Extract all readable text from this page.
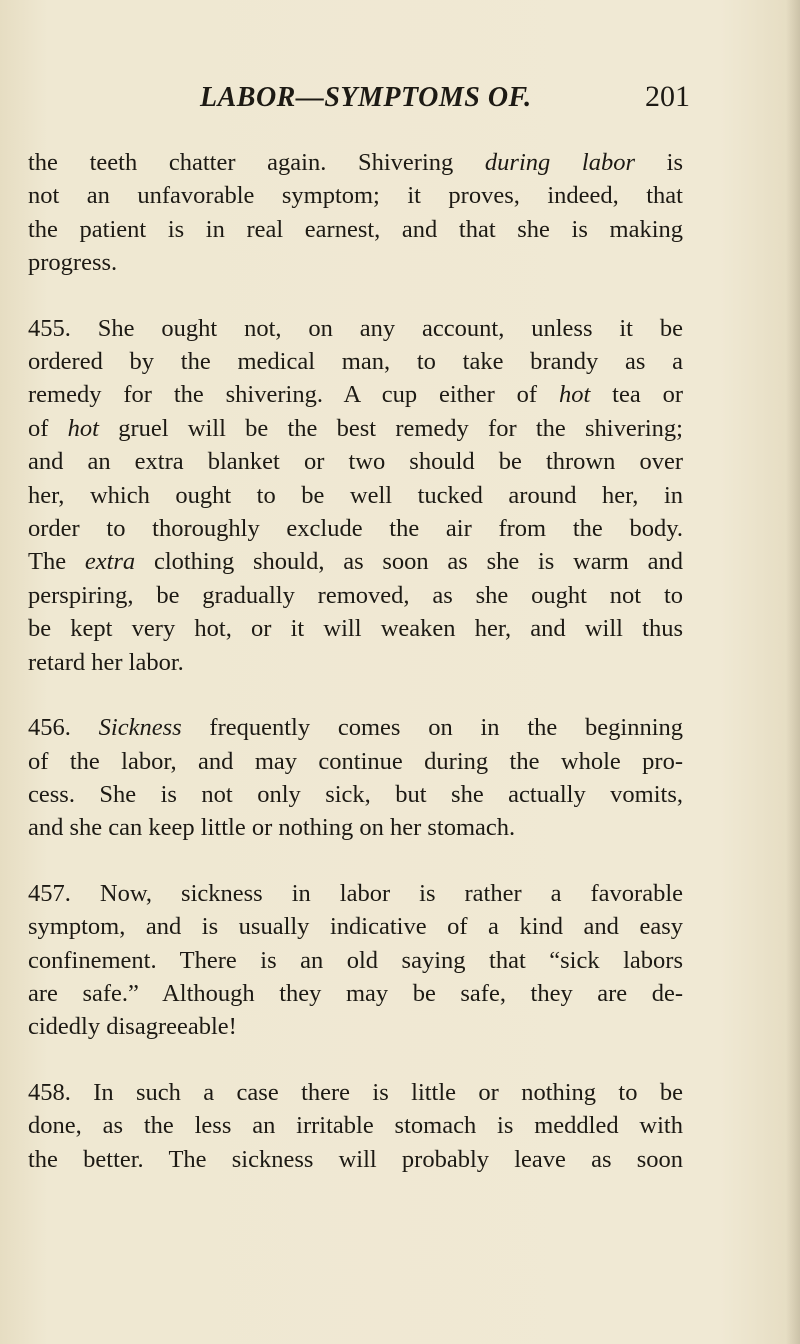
LABOR—SYMPTOMS OF.	201
the teeth chatter again. Shivering during labor is
not an unfavorable symptom; it proves, indeed, that
the patient is in real earnest, and that she is making
progress.
455. She ought not, on any account, unless it be
ordered by the medical man, to take brandy as a
remedy for the shivering. A cup either of hot tea or
of hot gruel will be the best remedy for the shivering;
and an extra blanket or two should be thrown over
her, which ought to be well tucked around her, in
order to thoroughly exclude the air from the body.
The extra clothing should, as soon as she is warm and
perspiring, be gradually removed, as she ought not to
be kept very hot, or it will weaken her, and will thus
retard her labor.
456. Sickness frequently comes on in the beginning
of the labor, and may continue during the whole pro-
cess. She is not only sick, but she actually vomits,
and she can keep little or nothing on her stomach.
457. Now, sickness in labor is rather a favorable
symptom, and is usually indicative of a kind and easy
confinement. There is an old saying that “sick labors
are safe.” Although they may be safe, they are de-
cidedly disagreeable!
458. In such a case there is little or nothing to be
done, as the less an irritable stomach is meddled with
the better. The sickness will probably leave as soon
